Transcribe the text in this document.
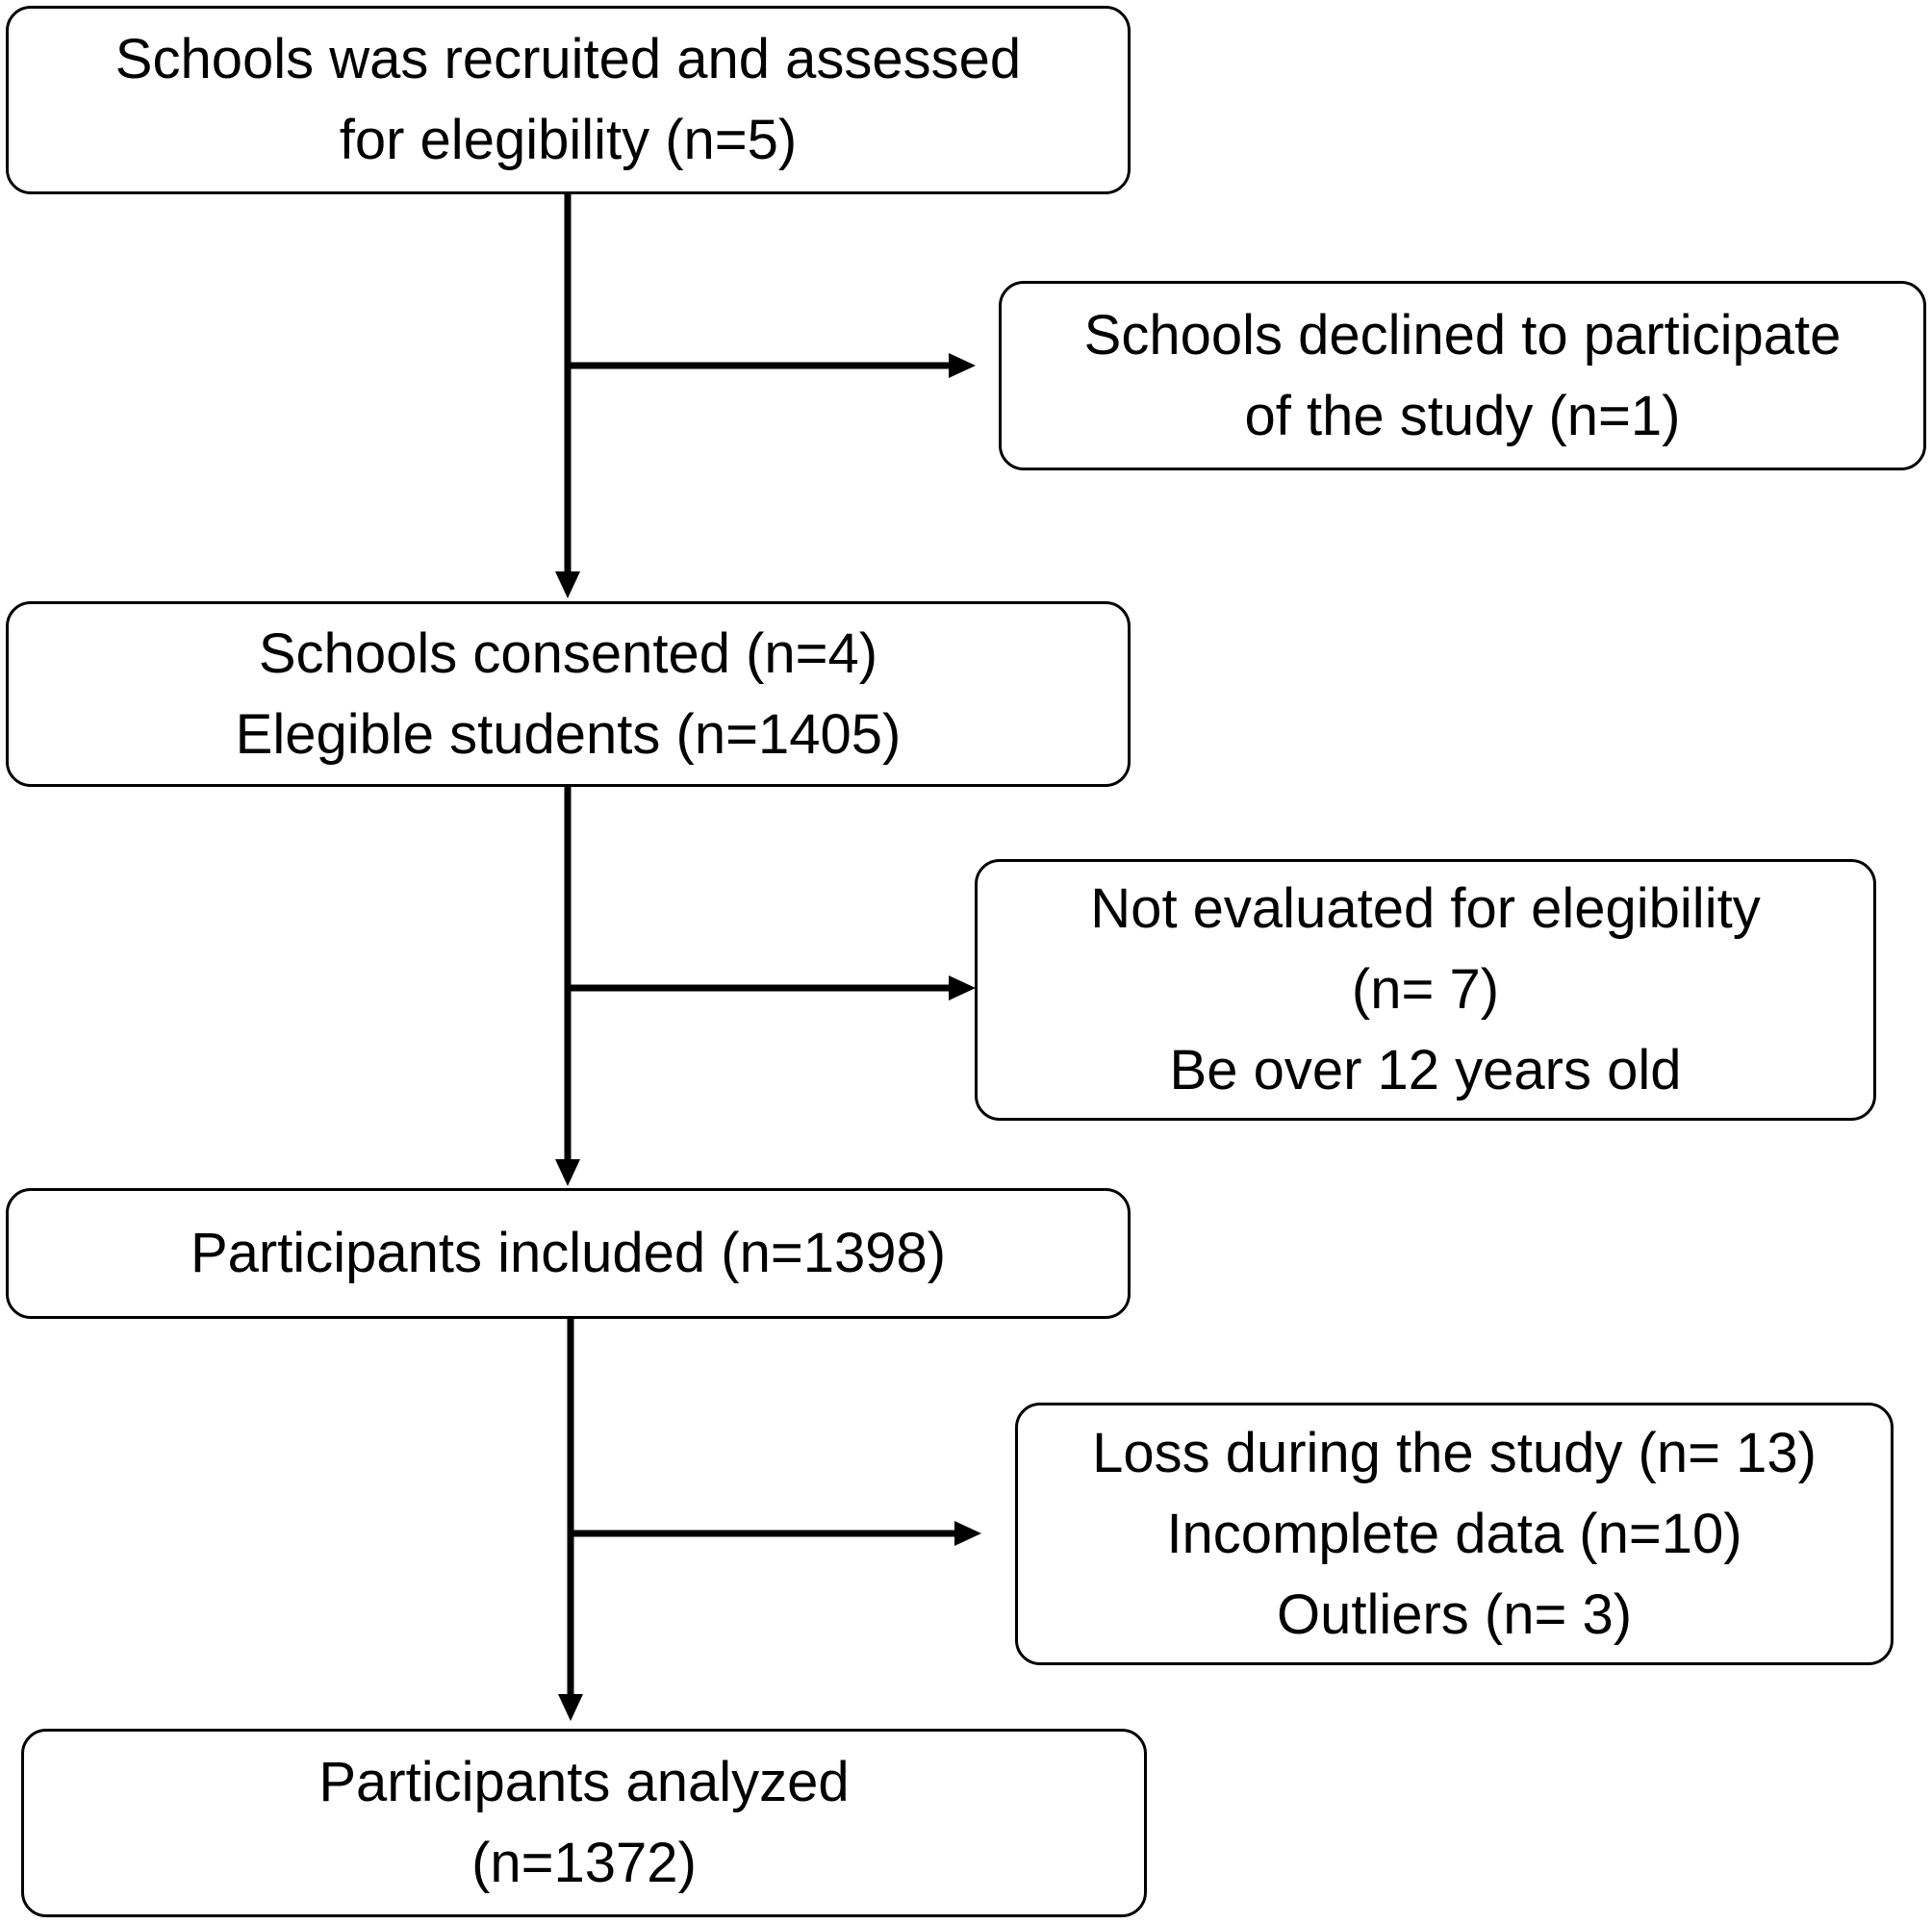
Schools was recruited and assessed
for elegibility (n=5)
Schools consented (n=4)
Elegible students (n=1405)
Participants included (n=1398)
Participants analyzed
(n=1372)
Schools declined to participate
of the study (n=1)
Not evaluated for elegibility
(n= 7)
Be over 12 years old
Loss during the study (n= 13)
Incomplete data (n=10)
Outliers (n= 3)
